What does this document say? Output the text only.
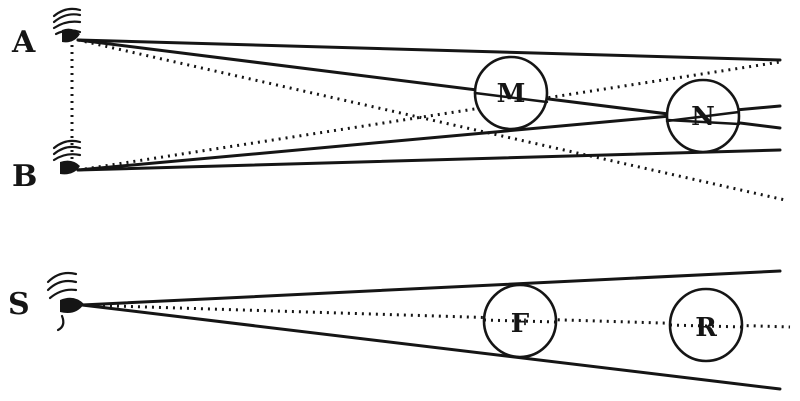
M
N
A
B
F	R
S
